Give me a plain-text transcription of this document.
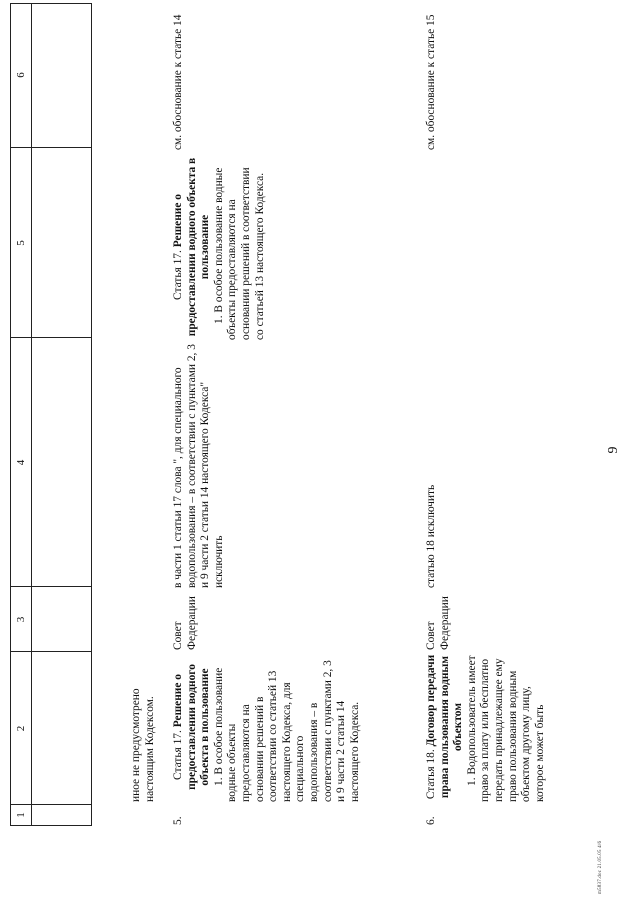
9
1
2
3
4
5
6
иное не предусмотрено настоящим Кодексом.
5.
Статья 17. Решение о предоставлении водного объекта в пользование 1. В особое пользование водные объекты предоставляются на основании решений в соответствии со статьей 13 настоящего Кодекса, для специального водопользования – в соответствии с пунктами 2, 3 и 9 части 2 статьи 14 настоящего Кодекса.
Совет Федерации
в части 1 статьи 17 слова ", для специального водопользования – в соответствии с пунктами 2, 3 и 9 части 2 статьи 14 настоящего Кодекса" исключить
Статья 17. Решение о предоставлении водного объекта в пользование 1. В особое пользование водные объекты предоставляются на основании решений в соответствии со статьей 13 настоящего Кодекса.
см. обоснование к статье 14
6.
Статья 18. Договор передачи права пользования водным объектом 1. Водопользователь имеет право за плату или бесплатно передать принадлежащее ему право пользования водным объектом другому лицу, которое может быть
Совет Федерации
статью 18 исключить
см. обоснование к статье 15
m5837.doc 21.05.05 4/6
